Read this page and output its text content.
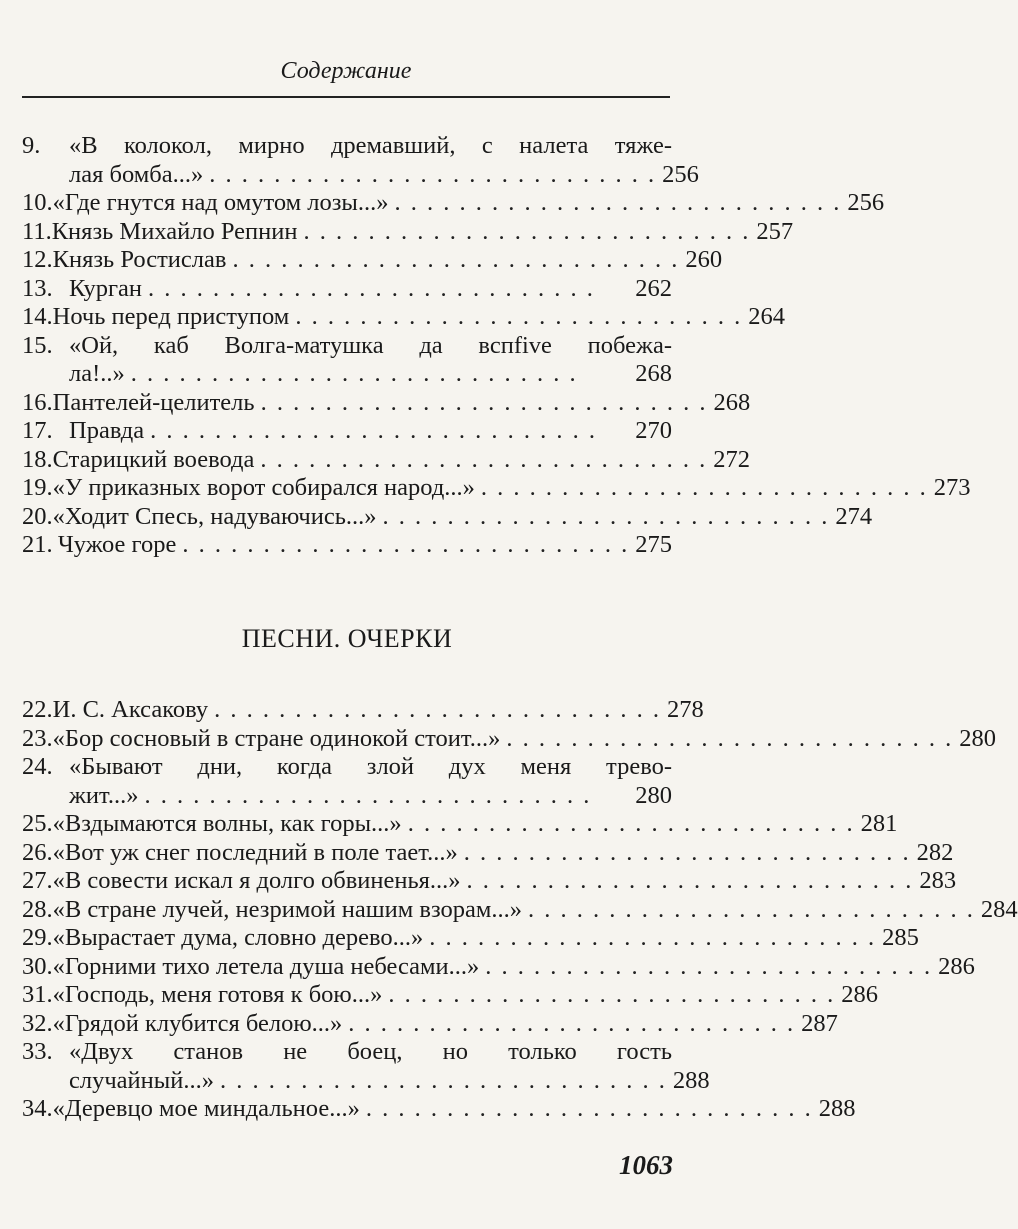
Содержание
9.	«В колокол, мирно дремавший, с налета тяже-
лая бомба...» . . . . . . . . . . . . . . . . . . . . . . . . . . . . 256
10. «Где гнутся над омутом лозы...» . . . . . . . . . . . . . . . . . . . . . . . . . . . . 256
11. Князь Михайло Репнин . . . . . . . . . . . . . . . . . . . . . . . . . . . . 257
12. Князь Ростислав . . . . . . . . . . . . . . . . . . . . . . . . . . . . 260
13. Курган . . . . . . . . . . . . . . . . . . . . . . . . . . . .	262
14. Ночь перед приступом . . . . . . . . . . . . . . . . . . . . . . . . . . . . 264
15. «Ой, каб Волга-матушка да вспfive побежа-
ла!..» . . . . . . . . . . . . . . . . . . . . . . . . . . . .	268
16. Пантелей-целитель . . . . . . . . . . . . . . . . . . . . . . . . . . . . 268
17. Правда . . . . . . . . . . . . . . . . . . . . . . . . . . . .	270
18. Старицкий воевода . . . . . . . . . . . . . . . . . . . . . . . . . . . . 272
19. «У приказных ворот собирался народ...» . . . . . . . . . . . . . . . . . . . . . . . . . . . . 273
20. «Ходит Спесь, надуваючись...» . . . . . . . . . . . . . . . . . . . . . . . . . . . . 274
21. Чужое горе . . . . . . . . . . . . . . . . . . . . . . . . . . . . 275
ПЕСНИ. ОЧЕРКИ
22. И. С. Аксакову . . . . . . . . . . . . . . . . . . . . . . . . . . . . 278
23. «Бор сосновый в стране одинокой стоит...» . . . . . . . . . . . . . . . . . . . . . . . . . . . . 280
24. «Бывают дни, когда злой дух меня трево-
жит...» . . . . . . . . . . . . . . . . . . . . . . . . . . . .	280
25. «Вздымаются волны, как горы...» . . . . . . . . . . . . . . . . . . . . . . . . . . . . 281
26. «Вот уж снег последний в поле тает...» . . . . . . . . . . . . . . . . . . . . . . . . . . . . 282
27. «В совести искал я долго обвиненья...» . . . . . . . . . . . . . . . . . . . . . . . . . . . . 283
28. «В стране лучей, незримой нашим взорам...» . . . . . . . . . . . . . . . . . . . . . . . . . . . . 284
29. «Вырастает дума, словно дерево...» . . . . . . . . . . . . . . . . . . . . . . . . . . . . 285
30. «Горними тихо летела душа небесами...» . . . . . . . . . . . . . . . . . . . . . . . . . . . . 286
31. «Господь, меня готовя к бою...» . . . . . . . . . . . . . . . . . . . . . . . . . . . . 286
32. «Грядой клубится белою...» . . . . . . . . . . . . . . . . . . . . . . . . . . . . 287
33. «Двух станов не боец, но только гость
случайный...» . . . . . . . . . . . . . . . . . . . . . . . . . . . . 288
34. «Деревцо мое миндальное...» . . . . . . . . . . . . . . . . . . . . . . . . . . . . 288
1063
